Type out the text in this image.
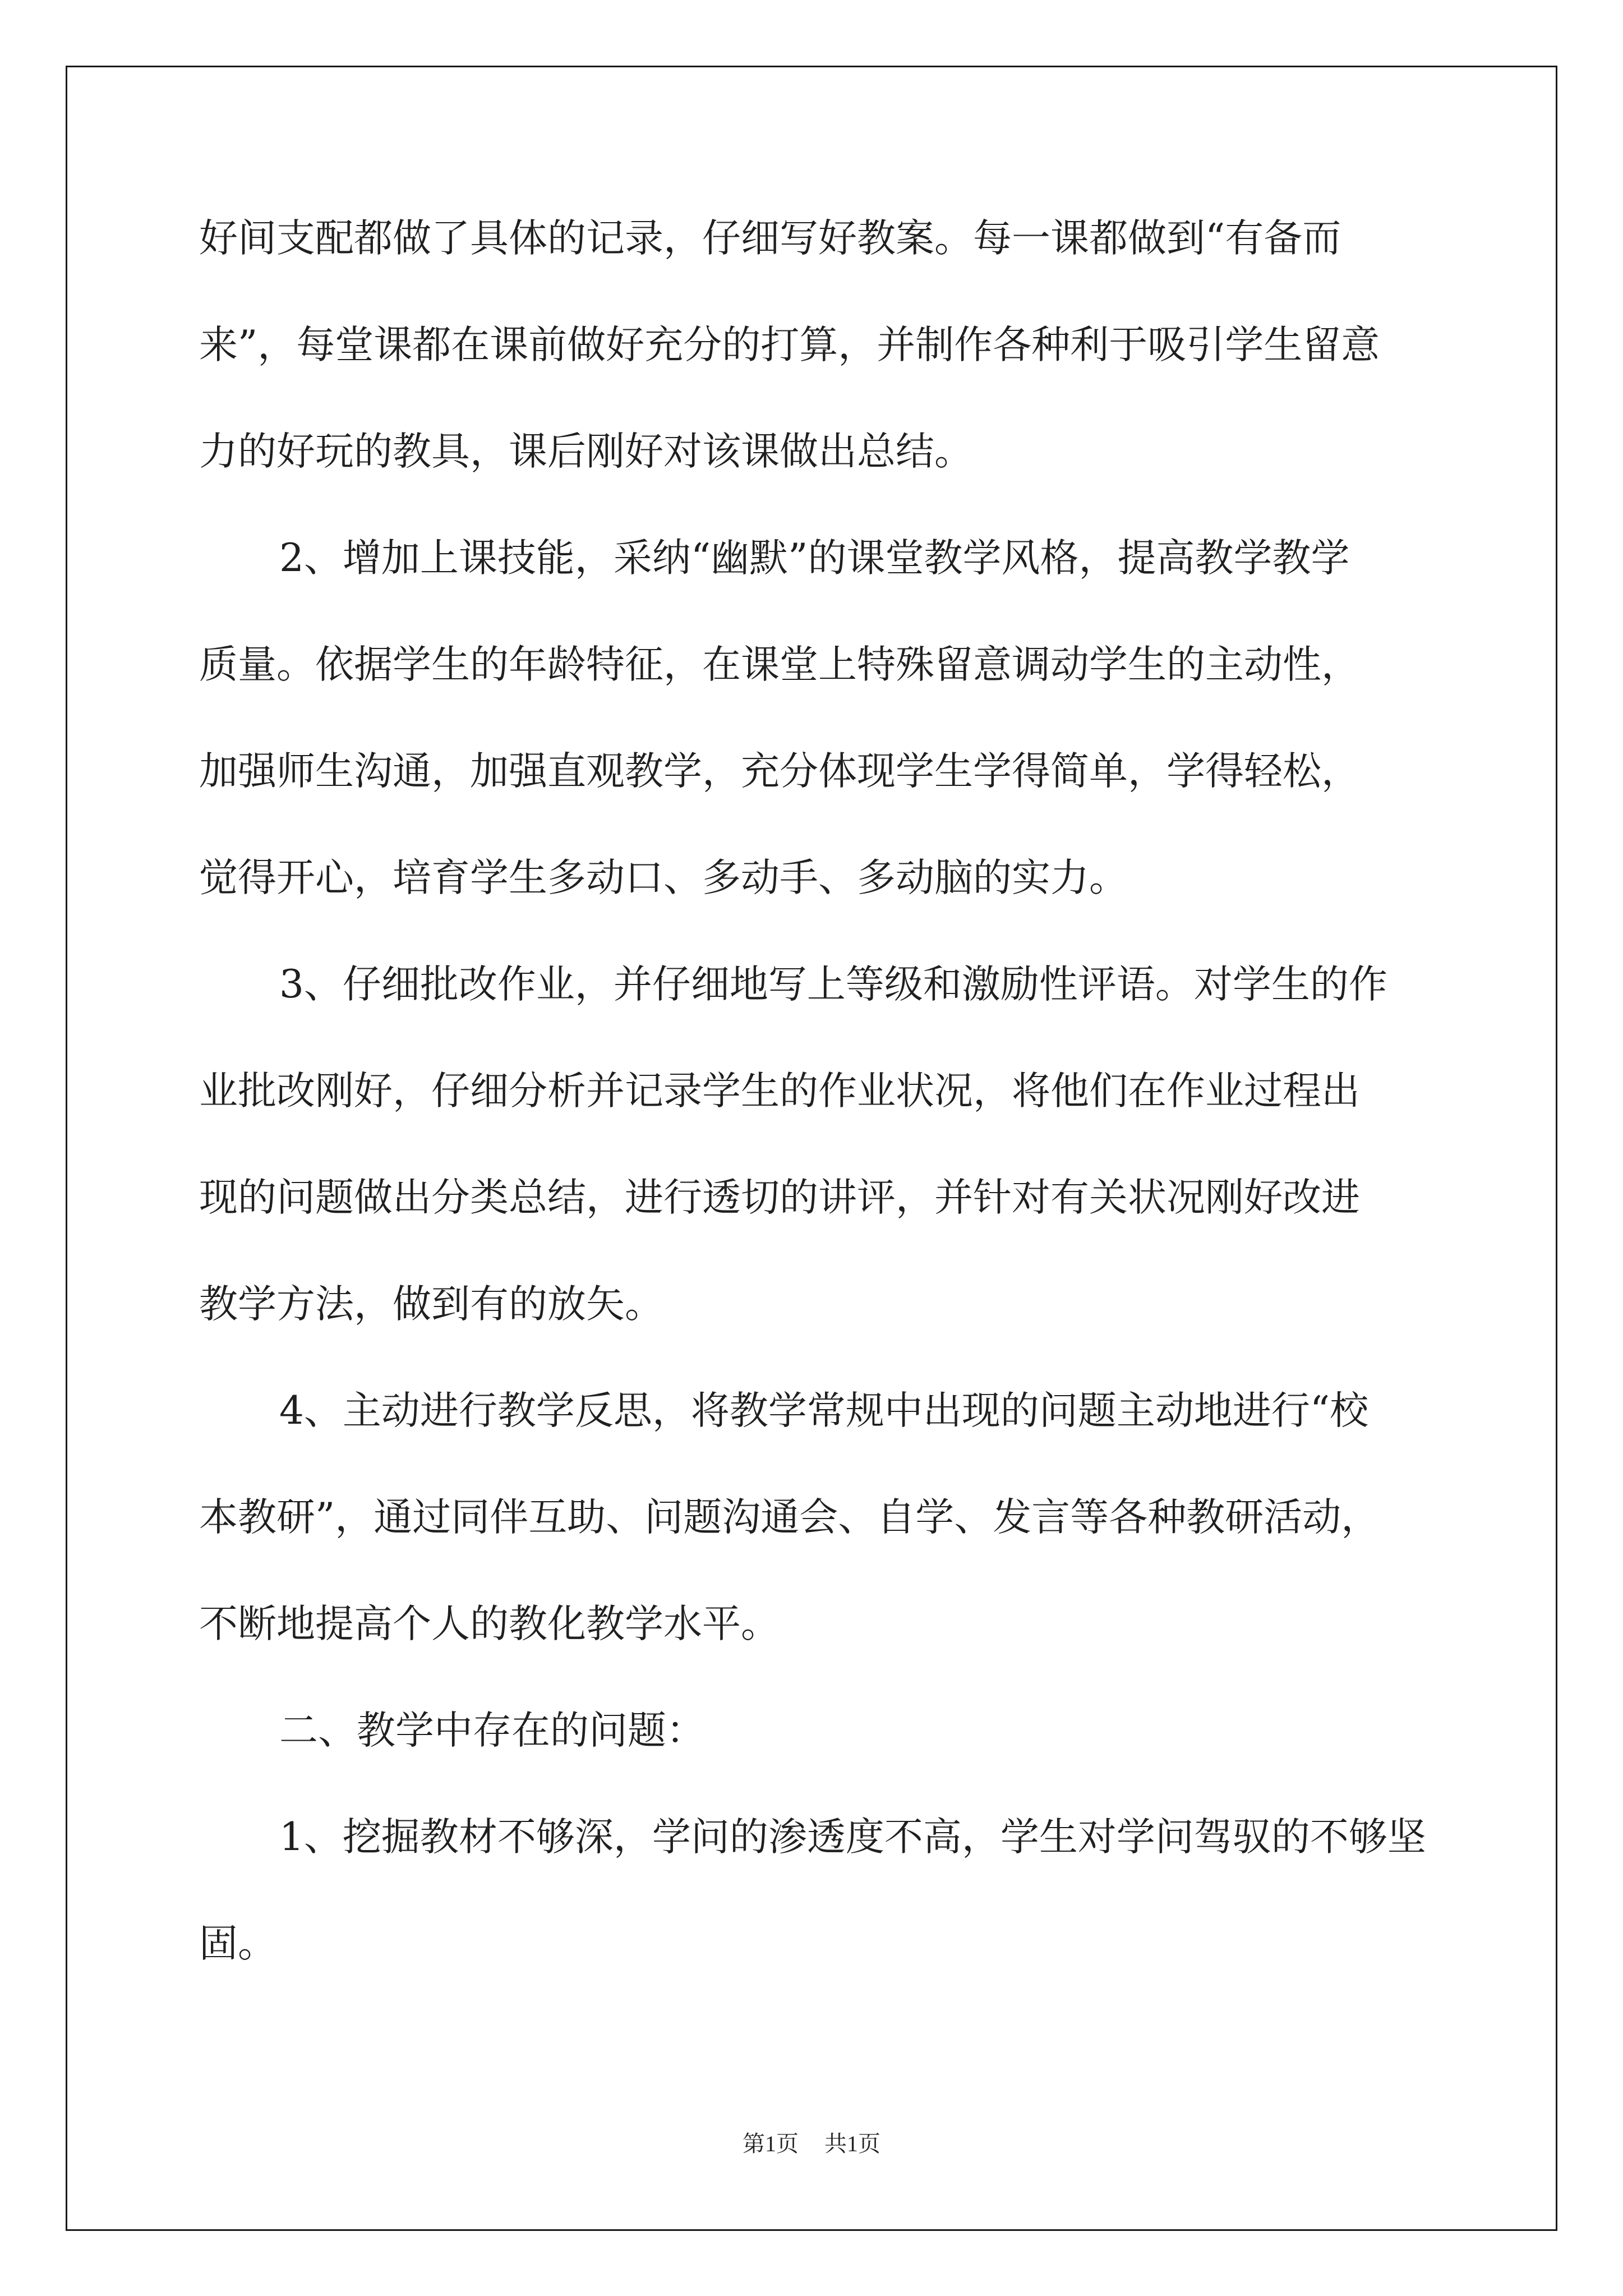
好间支配都做了具体的记录，仔细写好教案。每一课都做到“有备而
来”，每堂课都在课前做好充分的打算，并制作各种利于吸引学生留意
力的好玩的教具，课后刚好对该课做出总结。
2、增加上课技能，采纳“幽默”的课堂教学风格，提高教学教学
质量。依据学生的年龄特征，在课堂上特殊留意调动学生的主动性，
加强师生沟通，加强直观教学，充分体现学生学得简单，学得轻松，
觉得开心，培育学生多动口、多动手、多动脑的实力。
3、仔细批改作业，并仔细地写上等级和激励性评语。对学生的作
业批改刚好，仔细分析并记录学生的作业状况，将他们在作业过程出
现的问题做出分类总结，进行透切的讲评，并针对有关状况刚好改进
教学方法，做到有的放矢。
4、主动进行教学反思，将教学常规中出现的问题主动地进行“校
本教研”，通过同伴互助、问题沟通会、自学、发言等各种教研活动，
不断地提高个人的教化教学水平。
二、教学中存在的问题：
1、挖掘教材不够深，学问的渗透度不高，学生对学问驾驭的不够坚
固。
第1页 共1页
